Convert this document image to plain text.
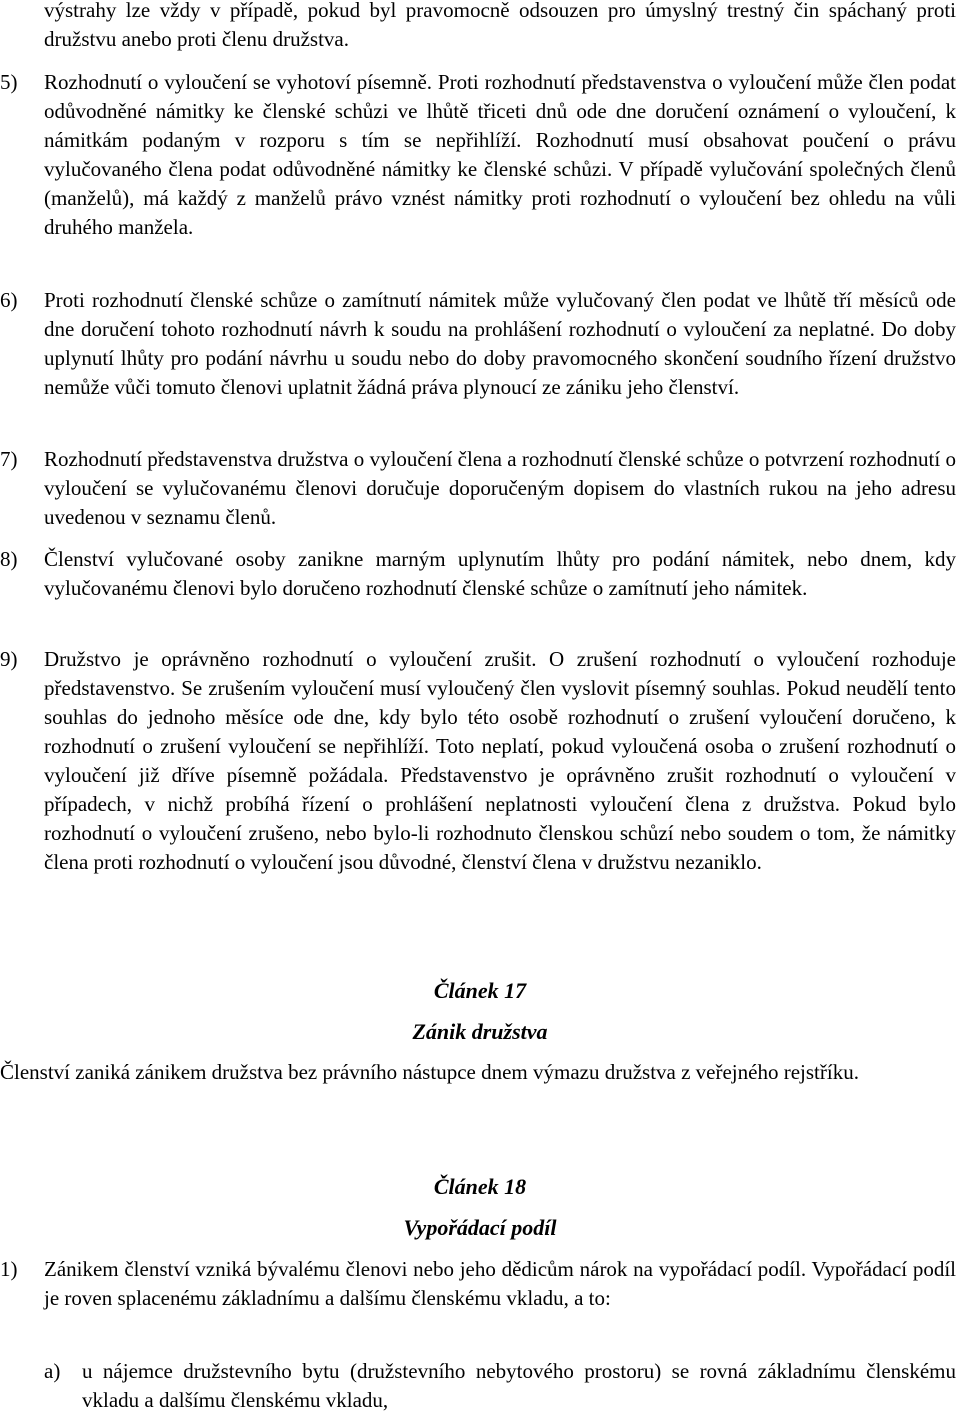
výstrahy lze vždy v případě, pokud byl pravomocně odsouzen pro úmyslný trestný čin spáchaný proti družstvu anebo proti členu družstva.

5)	Rozhodnutí o vyloučení se vyhotoví písemně. Proti rozhodnutí představenstva o vyloučení může člen podat odůvodněné námitky ke členské schůzi ve lhůtě třiceti dnů ode dne doručení oznámení o vyloučení, k námitkám podaným v rozporu s tím se nepřihlíží. Rozhodnutí musí obsahovat poučení o právu vylučovaného člena podat odůvodněné námitky ke členské schůzi. V případě vylučování společných členů (manželů), má každý z manželů právo vznést námitky proti rozhodnutí o vyloučení bez ohledu na vůli druhého manžela.
6)	Proti rozhodnutí členské schůze o zamítnutí námitek může vylučovaný člen podat ve lhůtě tří měsíců ode dne doručení tohoto rozhodnutí návrh k soudu na prohlášení rozhodnutí o vyloučení za neplatné. Do doby uplynutí lhůty pro podání návrhu u soudu nebo do doby pravomocného skončení soudního řízení družstvo nemůže vůči tomuto členovi uplatnit žádná práva plynoucí ze zániku jeho členství.
7)	Rozhodnutí představenstva družstva o vyloučení člena a rozhodnutí členské schůze o potvrzení rozhodnutí o vyloučení se vylučovanému členovi doručuje doporučeným dopisem do vlastních rukou na jeho adresu uvedenou v seznamu členů.
8)	Členství vylučované osoby zanikne marným uplynutím lhůty pro podání námitek, nebo dnem, kdy vylučovanému členovi bylo doručeno rozhodnutí členské schůze o zamítnutí jeho námitek.
9)	Družstvo je oprávněno rozhodnutí o vyloučení zrušit. O zrušení rozhodnutí o vyloučení rozhoduje představenstvo. Se zrušením vyloučení musí vyloučený člen vyslovit písemný souhlas. Pokud neudělí tento souhlas do jednoho měsíce ode dne, kdy bylo této osobě rozhodnutí o zrušení vyloučení doručeno, k rozhodnutí o zrušení vyloučení se nepřihlíží. Toto neplatí, pokud vyloučená osoba o zrušení rozhodnutí o vyloučení již dříve písemně požádala. Představenstvo je oprávněno zrušit rozhodnutí o vyloučení v případech, v nichž probíhá řízení o prohlášení neplatnosti vyloučení člena z družstva. Pokud bylo rozhodnutí o vyloučení zrušeno, nebo bylo-li rozhodnuto členskou schůzí nebo soudem o tom, že námitky člena proti rozhodnutí o vyloučení jsou důvodné, členství člena v družstvu nezaniklo.
Článek 17
Zánik družstva

Členství zaniká zánikem družstva bez právního nástupce dnem výmazu družstva z veřejného rejstříku.

Článek 18
Vypořádací podíl
1)	Zánikem členství vzniká bývalému členovi nebo jeho dědicům nárok na vypořádací podíl. Vypořádací podíl je roven splacenému základnímu a dalšímu členskému vkladu, a to:
a)	u nájemce družstevního bytu (družstevního nebytového prostoru) se rovná základnímu členskému vkladu a dalšímu členskému vkladu,
